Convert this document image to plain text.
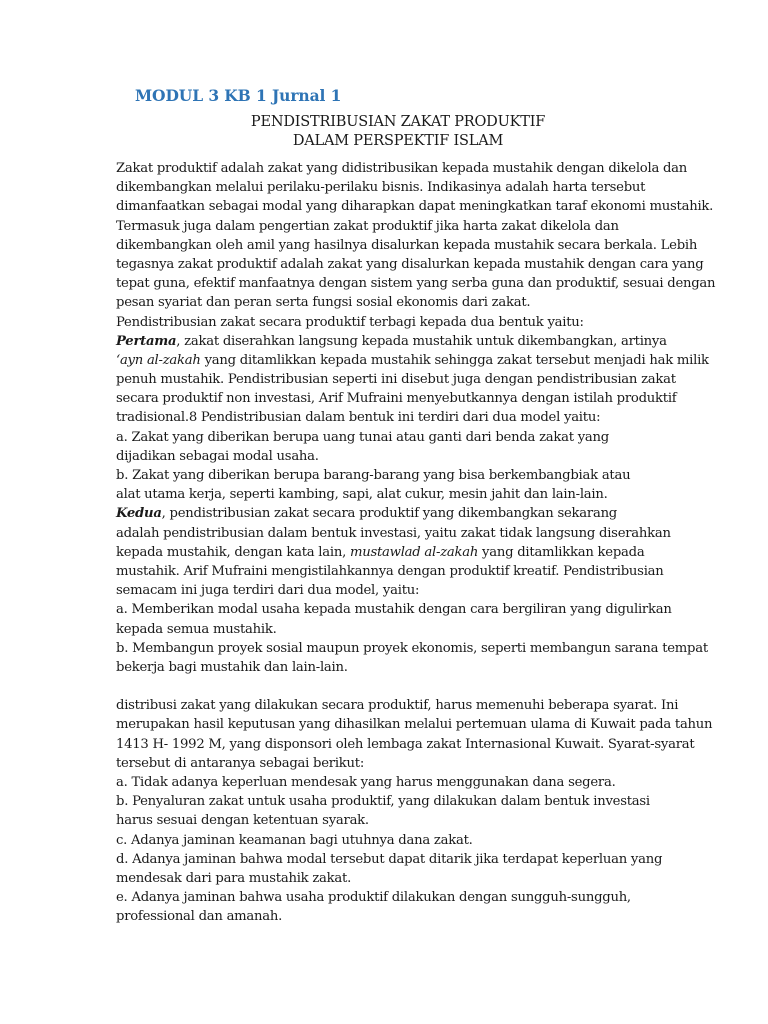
MODUL 3 KB 1 Jurnal 1
PENDISTRIBUSIAN ZAKAT PRODUKTIF
DALAM PERSPEKTIF ISLAM
Zakat produktif adalah zakat yang didistribusikan kepada mustahik dengan dikelola dan
dikembangkan melalui perilaku-perilaku bisnis. Indikasinya adalah harta tersebut
dimanfaatkan sebagai modal yang diharapkan dapat meningkatkan taraf ekonomi mustahik.
Termasuk juga dalam pengertian zakat produktif jika harta zakat dikelola dan
dikembangkan oleh amil yang hasilnya disalurkan kepada mustahik secara berkala. Lebih
tegasnya zakat produktif adalah zakat yang disalurkan kepada mustahik dengan cara yang
tepat guna, efektif manfaatnya dengan sistem yang serba guna dan produktif, sesuai dengan
pesan syariat dan peran serta fungsi sosial ekonomis dari zakat.
Pendistribusian zakat secara produktif terbagi kepada dua bentuk yaitu:
Pertama, zakat diserahkan langsung kepada mustahik untuk dikembangkan, artinya
‘ayn al-zakah yang ditamlikkan kepada mustahik sehingga zakat tersebut menjadi hak milik
penuh mustahik. Pendistribusian seperti ini disebut juga dengan pendistribusian zakat
secara produktif non investasi, Arif Mufraini menyebutkannya dengan istilah produktif
tradisional.8 Pendistribusian dalam bentuk ini terdiri dari dua model yaitu:
a. Zakat yang diberikan berupa uang tunai atau ganti dari benda zakat yang
dijadikan sebagai modal usaha.
b. Zakat yang diberikan berupa barang-barang yang bisa berkembangbiak atau
alat utama kerja, seperti kambing, sapi, alat cukur, mesin jahit dan lain-lain.
Kedua, pendistribusian zakat secara produktif yang dikembangkan sekarang
adalah pendistribusian dalam bentuk investasi, yaitu zakat tidak langsung diserahkan
kepada mustahik, dengan kata lain, mustawlad al-zakah yang ditamlikkan kepada
mustahik. Arif Mufraini mengistilahkannya dengan produktif kreatif. Pendistribusian
semacam ini juga terdiri dari dua model, yaitu:
a. Memberikan modal usaha kepada mustahik dengan cara bergiliran yang digulirkan
kepada semua mustahik.
b. Membangun proyek sosial maupun proyek ekonomis, seperti membangun sarana tempat
bekerja bagi mustahik dan lain-lain.
distribusi zakat yang dilakukan secara produktif, harus memenuhi beberapa syarat. Ini
merupakan hasil keputusan yang dihasilkan melalui pertemuan ulama di Kuwait pada tahun
1413 H- 1992 M, yang disponsori oleh lembaga zakat Internasional Kuwait. Syarat-syarat
tersebut di antaranya sebagai berikut:
a. Tidak adanya keperluan mendesak yang harus menggunakan dana segera.
b. Penyaluran zakat untuk usaha produktif, yang dilakukan dalam bentuk investasi
harus sesuai dengan ketentuan syarak.
c. Adanya jaminan keamanan bagi utuhnya dana zakat.
d. Adanya jaminan bahwa modal tersebut dapat ditarik jika terdapat keperluan yang
mendesak dari para mustahik zakat.
e. Adanya jaminan bahwa usaha produktif dilakukan dengan sungguh-sungguh,
professional dan amanah.
